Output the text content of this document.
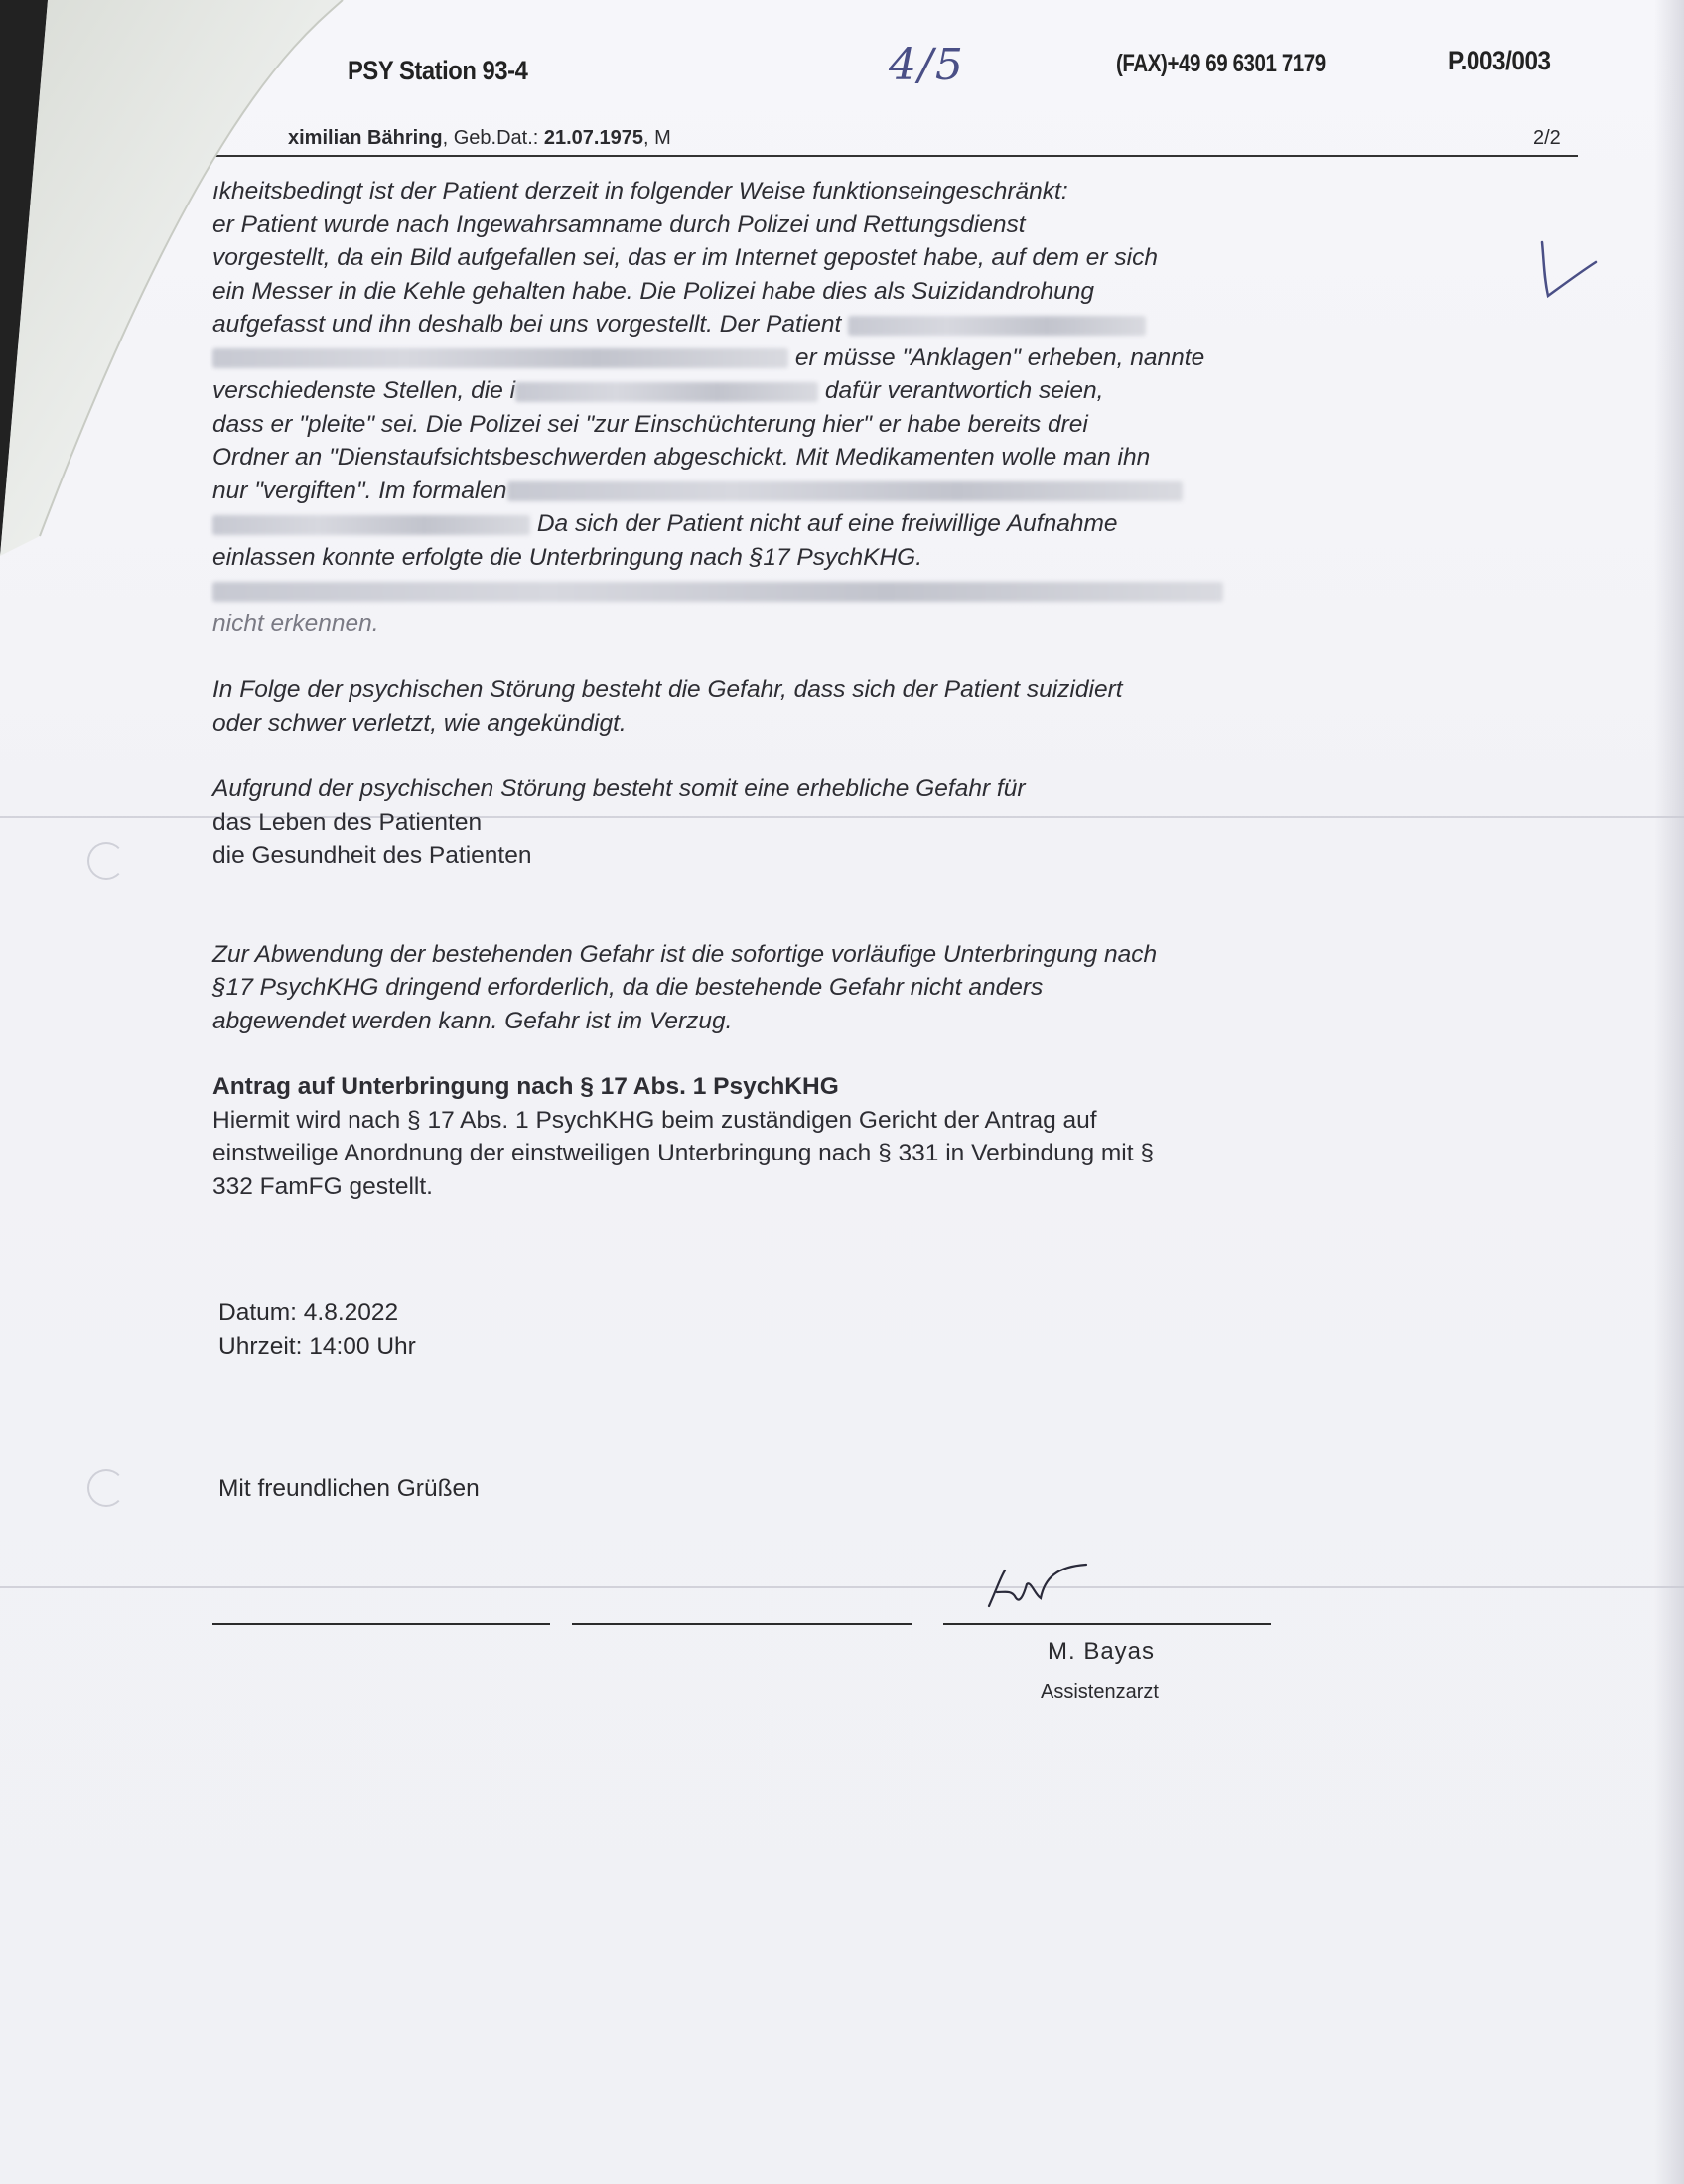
PSY Station 93-4	(FAX)+49 69 6301 7179	P.003/003
4/5
ximilian Bähring, Geb.Dat.: 21.07.1975, M	2/2

ıkheitsbedingt ist der Patient derzeit in folgender Weise funktionseingeschränkt:

er Patient wurde nach Ingewahrsamname durch Polizei und Rettungsdienst

vorgestellt, da ein Bild aufgefallen sei, das er im Internet gepostet habe, auf dem er sich

ein Messer in die Kehle gehalten habe. Die Polizei habe dies als Suizidandrohung

aufgefasst und ihn deshalb bei uns vorgestellt. Der Patient

er müsse "Anklagen" erheben, nannte

verschiedenste Stellen, die i	dafür verantwortich seien,

dass er "pleite" sei. Die Polizei sei "zur Einschüchterung hier" er habe bereits drei

Ordner an "Dienstaufsichtsbeschwerden abgeschickt. Mit Medikamenten wolle man ihn

nur "vergiften". Im formalen

Da sich der Patient nicht auf eine freiwillige Aufnahme

einlassen konnte erfolgte die Unterbringung nach §17 PsychKHG.

nicht erkennen.

In Folge der psychischen Störung besteht die Gefahr, dass sich der Patient suizidiert

oder schwer verletzt, wie angekündigt.

Aufgrund der psychischen Störung besteht somit eine erhebliche Gefahr für

das Leben des Patienten

die Gesundheit des Patienten

Zur Abwendung der bestehenden Gefahr ist die sofortige vorläufige Unterbringung nach

§17 PsychKHG dringend erforderlich, da die bestehende Gefahr nicht anders

abgewendet werden kann. Gefahr ist im Verzug.

Antrag auf Unterbringung nach § 17 Abs. 1 PsychKHG

Hiermit wird nach § 17 Abs. 1 PsychKHG beim zuständigen Gericht der Antrag auf

einstweilige Anordnung der einstweiligen Unterbringung nach § 331 in Verbindung mit §

332 FamFG gestellt.

Datum: 4.8.2022
Uhrzeit: 14:00 Uhr
Mit freundlichen Grüßen
M. Bayas
Assistenzarzt
